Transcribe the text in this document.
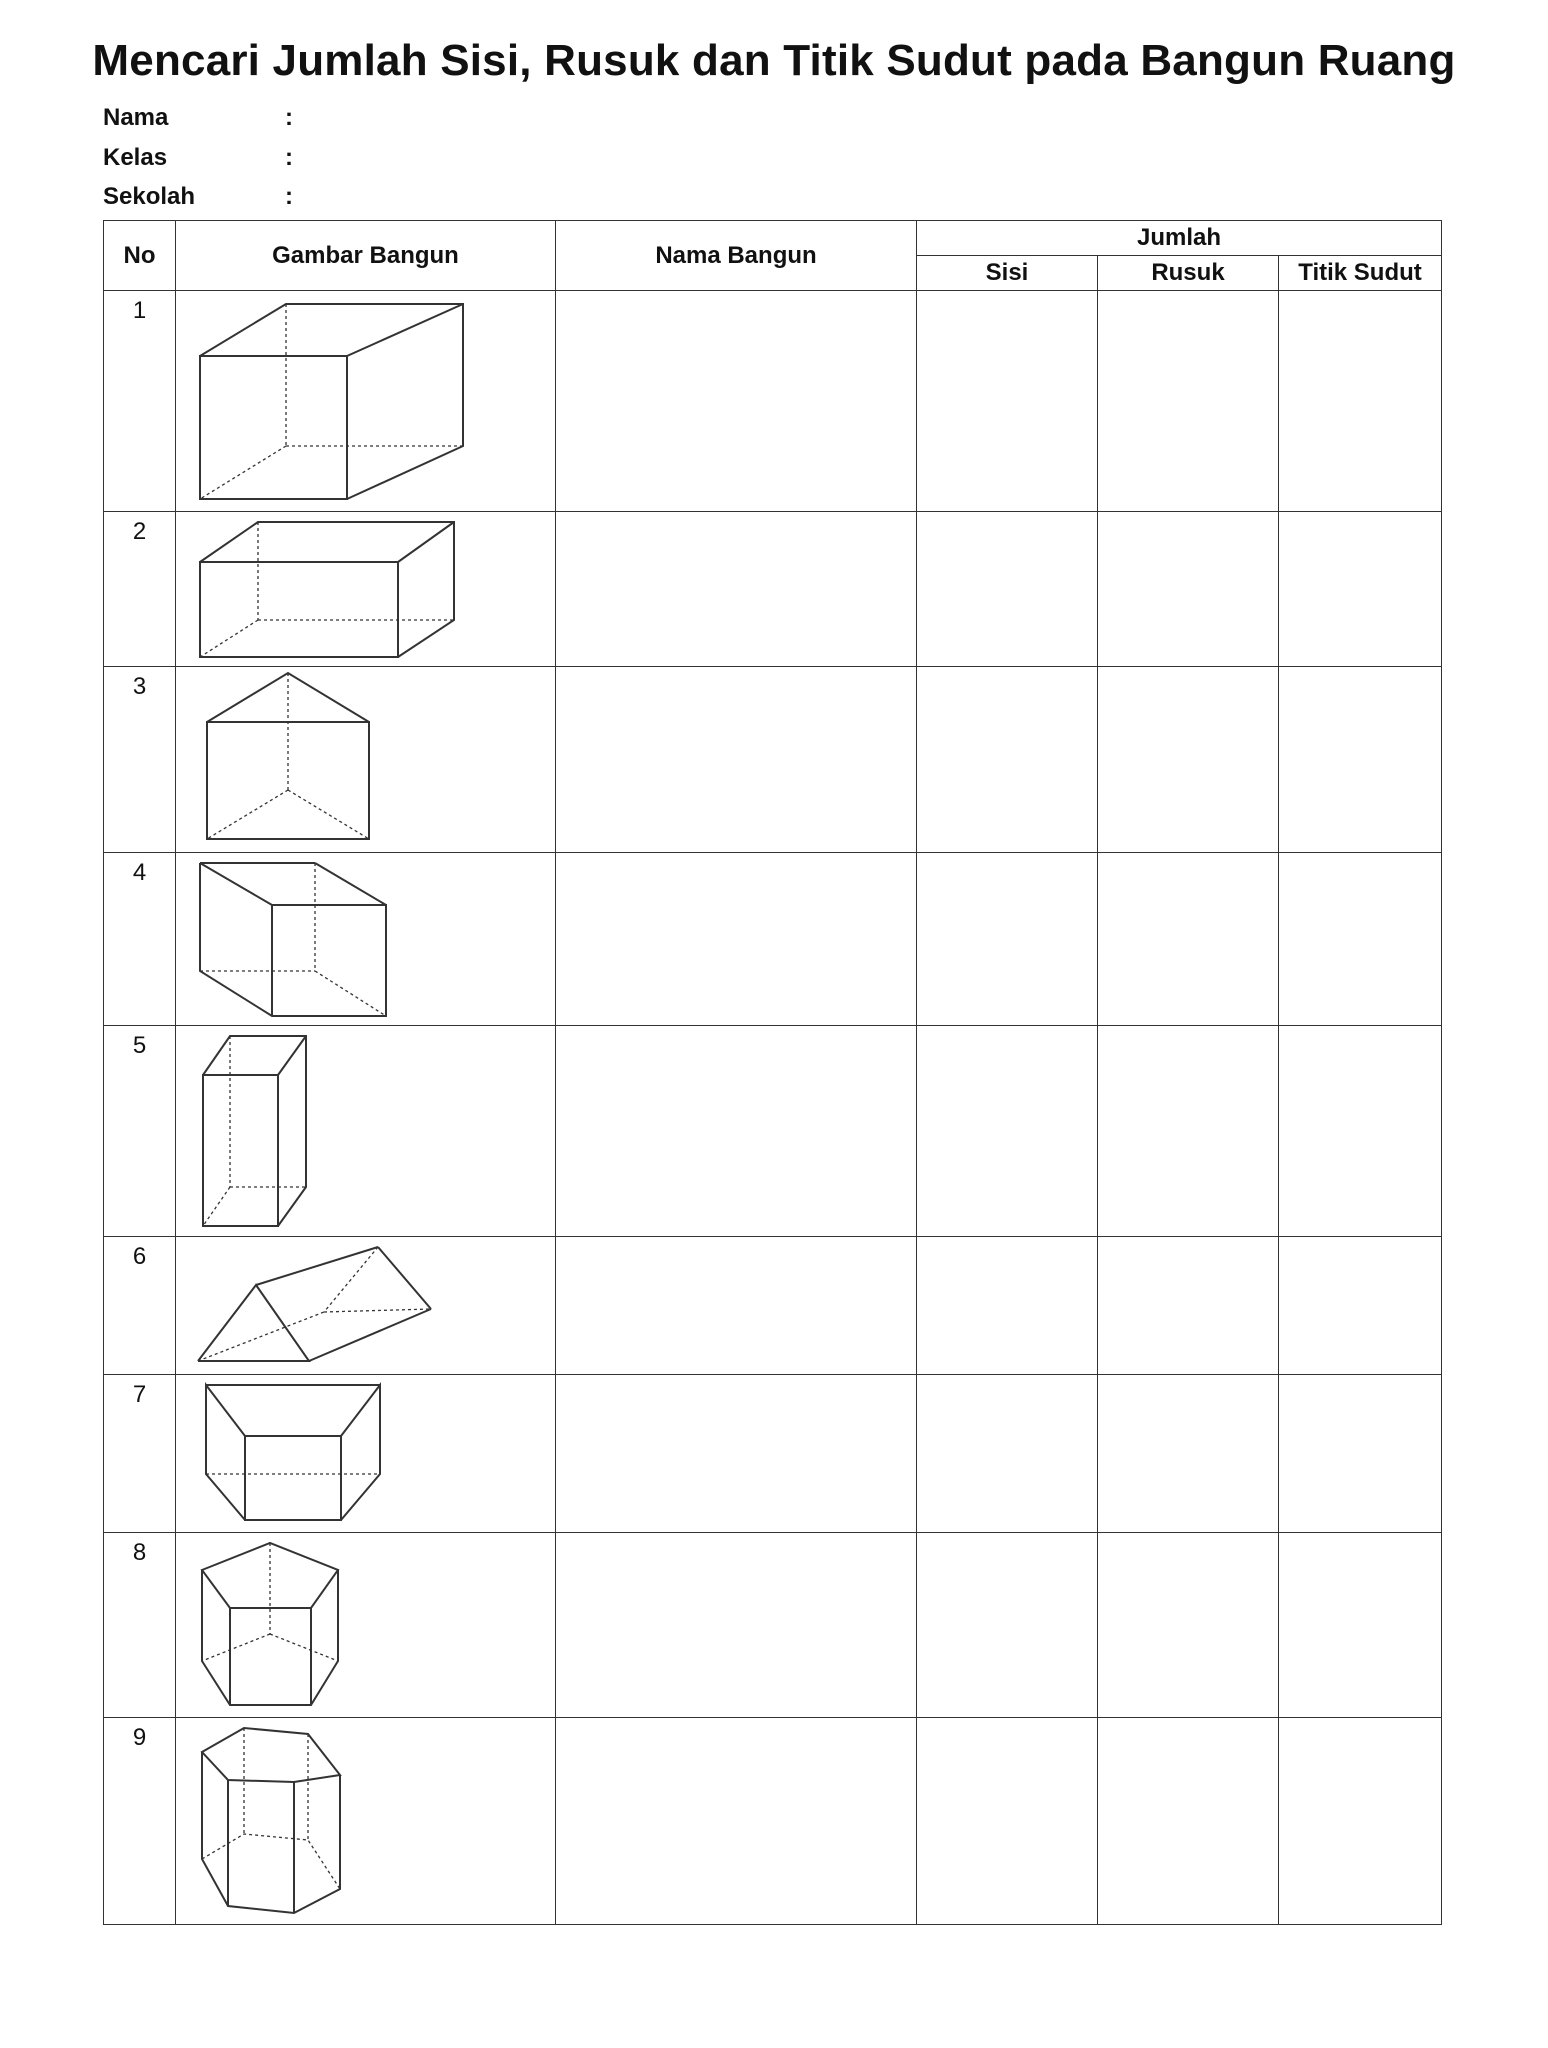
Mencari Jumlah Sisi, Rusuk dan Titik Sudut pada Bangun Ruang
Nama	:
Kelas	:
Sekolah	:
No	Gambar Bangun	Nama Bangun	Jumlah		
			Sisi	Rusuk	Titik Sudut
1	

2	

3	

4	

5	

6	

7	

8	

9	
